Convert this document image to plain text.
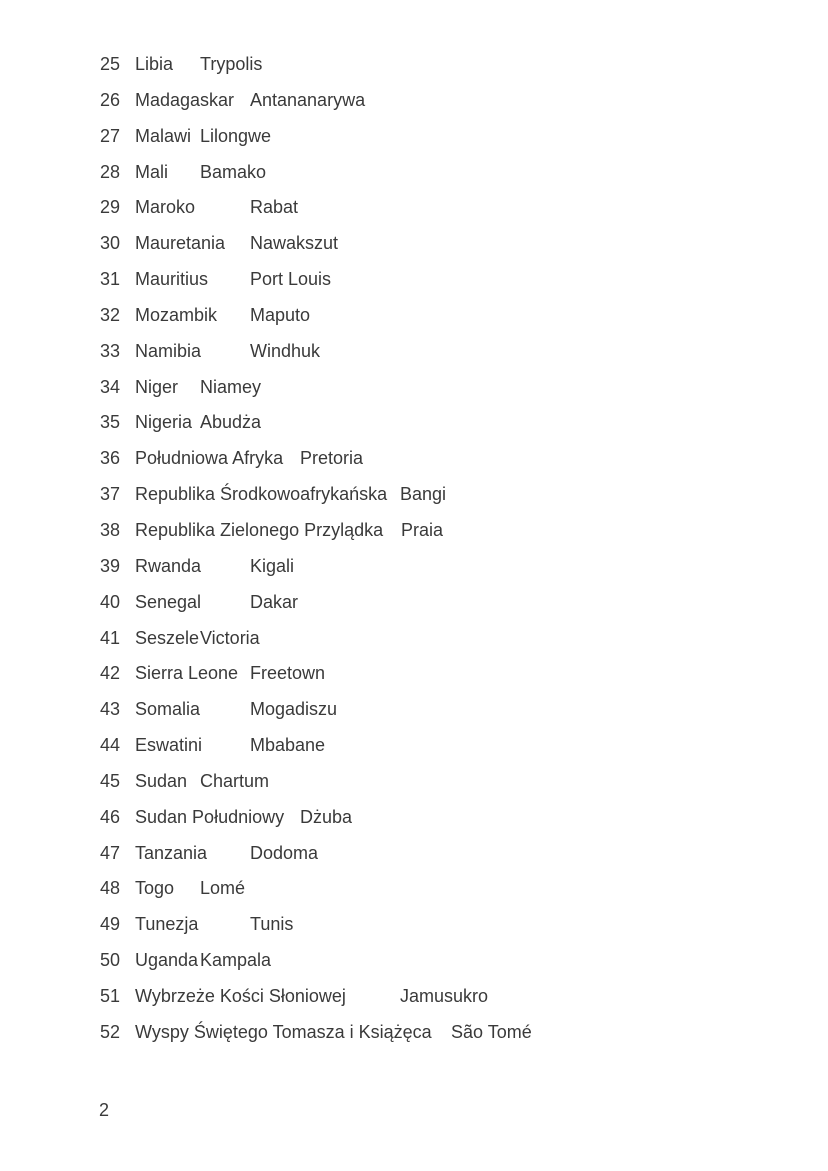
25 Libia Trypolis
26 Madagaskar Antananarywa
27 Malawi Lilongwe
28 Mali Bamako
29 Maroko	Rabat
30 Mauretania Nawakszut
31 Mauritius Port Louis
32 Mozambik Maputo
33 Namibia	Windhuk
34 Niger Niamey
35 Nigeria Abudża
36 Południowa Afryka Pretoria
37 Republika Środkowoafrykańska Bangi
38 Republika Zielonego Przylądka Praia
39 Rwanda	Kigali
40 Senegal	Dakar
41 Seszele Victoria
42 Sierra Leone Freetown
43 Somalia	Mogadiszu
44 Eswatini	Mbabane
45 Sudan Chartum
46 Sudan Południowy Dżuba
47 Tanzania Dodoma
48 Togo Lomé
49 Tunezja	Tunis
50 Uganda Kampala
51 Wybrzeże Kości Słoniowej	Jamusukro
52 Wyspy Świętego Tomasza i Książęca São Tomé
2
